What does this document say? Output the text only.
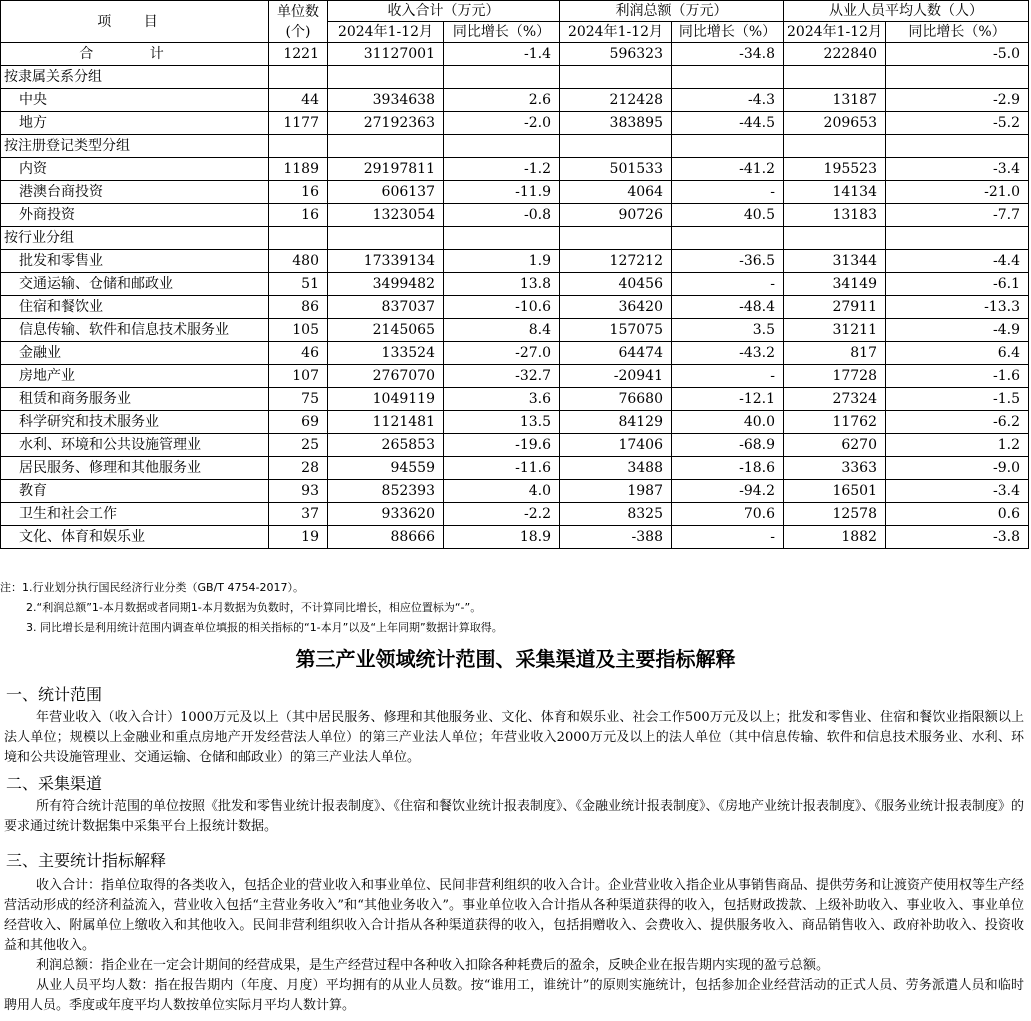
项 目	单位数
(个)	收入合计（万元）		利润总额（万元）		从业人员平均人数（人）	
		2024年1-12月	同比增长（%）	2024年1-12月	同比增长（%）	2024年1-12月	同比增长（%）
合 计	1221	31127001	-1.4	596323	-34.8	222840	-5.0
按隶属关系分组							
中央	44	3934638	2.6	212428	-4.3	13187	-2.9
地方	1177	27192363	-2.0	383895	-44.5	209653	-5.2
按注册登记类型分组							
内资	1189	29197811	-1.2	501533	-41.2	195523	-3.4
港澳台商投资	16	606137	-11.9	4064	-	14134	-21.0
外商投资	16	1323054	-0.8	90726	40.5	13183	-7.7
按行业分组							
批发和零售业	480	17339134	1.9	127212	-36.5	31344	-4.4
交通运输、仓储和邮政业	51	3499482	13.8	40456	-	34149	-6.1
住宿和餐饮业	86	837037	-10.6	36420	-48.4	27911	-13.3
信息传输、软件和信息技术服务业	105	2145065	8.4	157075	3.5	31211	-4.9
金融业	46	133524	-27.0	64474	-43.2	817	6.4
房地产业	107	2767070	-32.7	-20941	-	17728	-1.6
租赁和商务服务业	75	1049119	3.6	76680	-12.1	27324	-1.5
科学研究和技术服务业	69	1121481	13.5	84129	40.0	11762	-6.2
水利、环境和公共设施管理业	25	265853	-19.6	17406	-68.9	6270	1.2
居民服务、修理和其他服务业	28	94559	-11.6	3488	-18.6	3363	-9.0
教育	93	852393	4.0	1987	-94.2	16501	-3.4
卫生和社会工作	37	933620	-2.2	8325	70.6	12578	0.6
文化、体育和娱乐业	19	88666	18.9	-388	-	1882	-3.8
注：1.行业划分执行国民经济行业分类（GB/T 4754-2017）。
2.“利润总额”1-本月数据或者同期1-本月数据为负数时，不计算同比增长，相应位置标为“-”。
3. 同比增长是利用统计范围内调查单位填报的相关指标的“1-本月”以及“上年同期”数据计算取得。
第三产业领域统计范围、采集渠道及主要指标解释
一、统计范围
年营业收入（收入合计）1000万元及以上（其中居民服务、修理和其他服务业、文化、体育和娱乐业、社会工作500万元及以上；批发和零售业、住宿和餐饮业指限额以上法人单位；规模以上金融业和重点房地产开发经营法人单位）的第三产业法人单位；年营业收入2000万元及以上的法人单位（其中信息传输、软件和信息技术服务业、水利、环境和公共设施管理业、交通运输、仓储和邮政业）的第三产业法人单位。
二、采集渠道
所有符合统计范围的单位按照《批发和零售业统计报表制度》、《住宿和餐饮业统计报表制度》、《金融业统计报表制度》、《房地产业统计报表制度》、《服务业统计报表制度》的要求通过统计数据集中采集平台上报统计数据。
三、主要统计指标解释
收入合计：指单位取得的各类收入，包括企业的营业收入和事业单位、民间非营利组织的收入合计。企业营业收入指企业从事销售商品、提供劳务和让渡资产使用权等生产经营活动形成的经济利益流入，营业收入包括“主营业务收入”和“其他业务收入”。事业单位收入合计指从各种渠道获得的收入，包括财政拨款、上级补助收入、事业收入、事业单位经营收入、附属单位上缴收入和其他收入。民间非营利组织收入合计指从各种渠道获得的收入，包括捐赠收入、会费收入、提供服务收入、商品销售收入、政府补助收入、投资收益和其他收入。
利润总额：指企业在一定会计期间的经营成果，是生产经营过程中各种收入扣除各种耗费后的盈余，反映企业在报告期内实现的盈亏总额。
从业人员平均人数：指在报告期内（年度、月度）平均拥有的从业人员数。按“谁用工，谁统计”的原则实施统计，包括参加企业经营活动的正式人员、劳务派遣人员和临时聘用人员。季度或年度平均人数按单位实际月平均人数计算。
